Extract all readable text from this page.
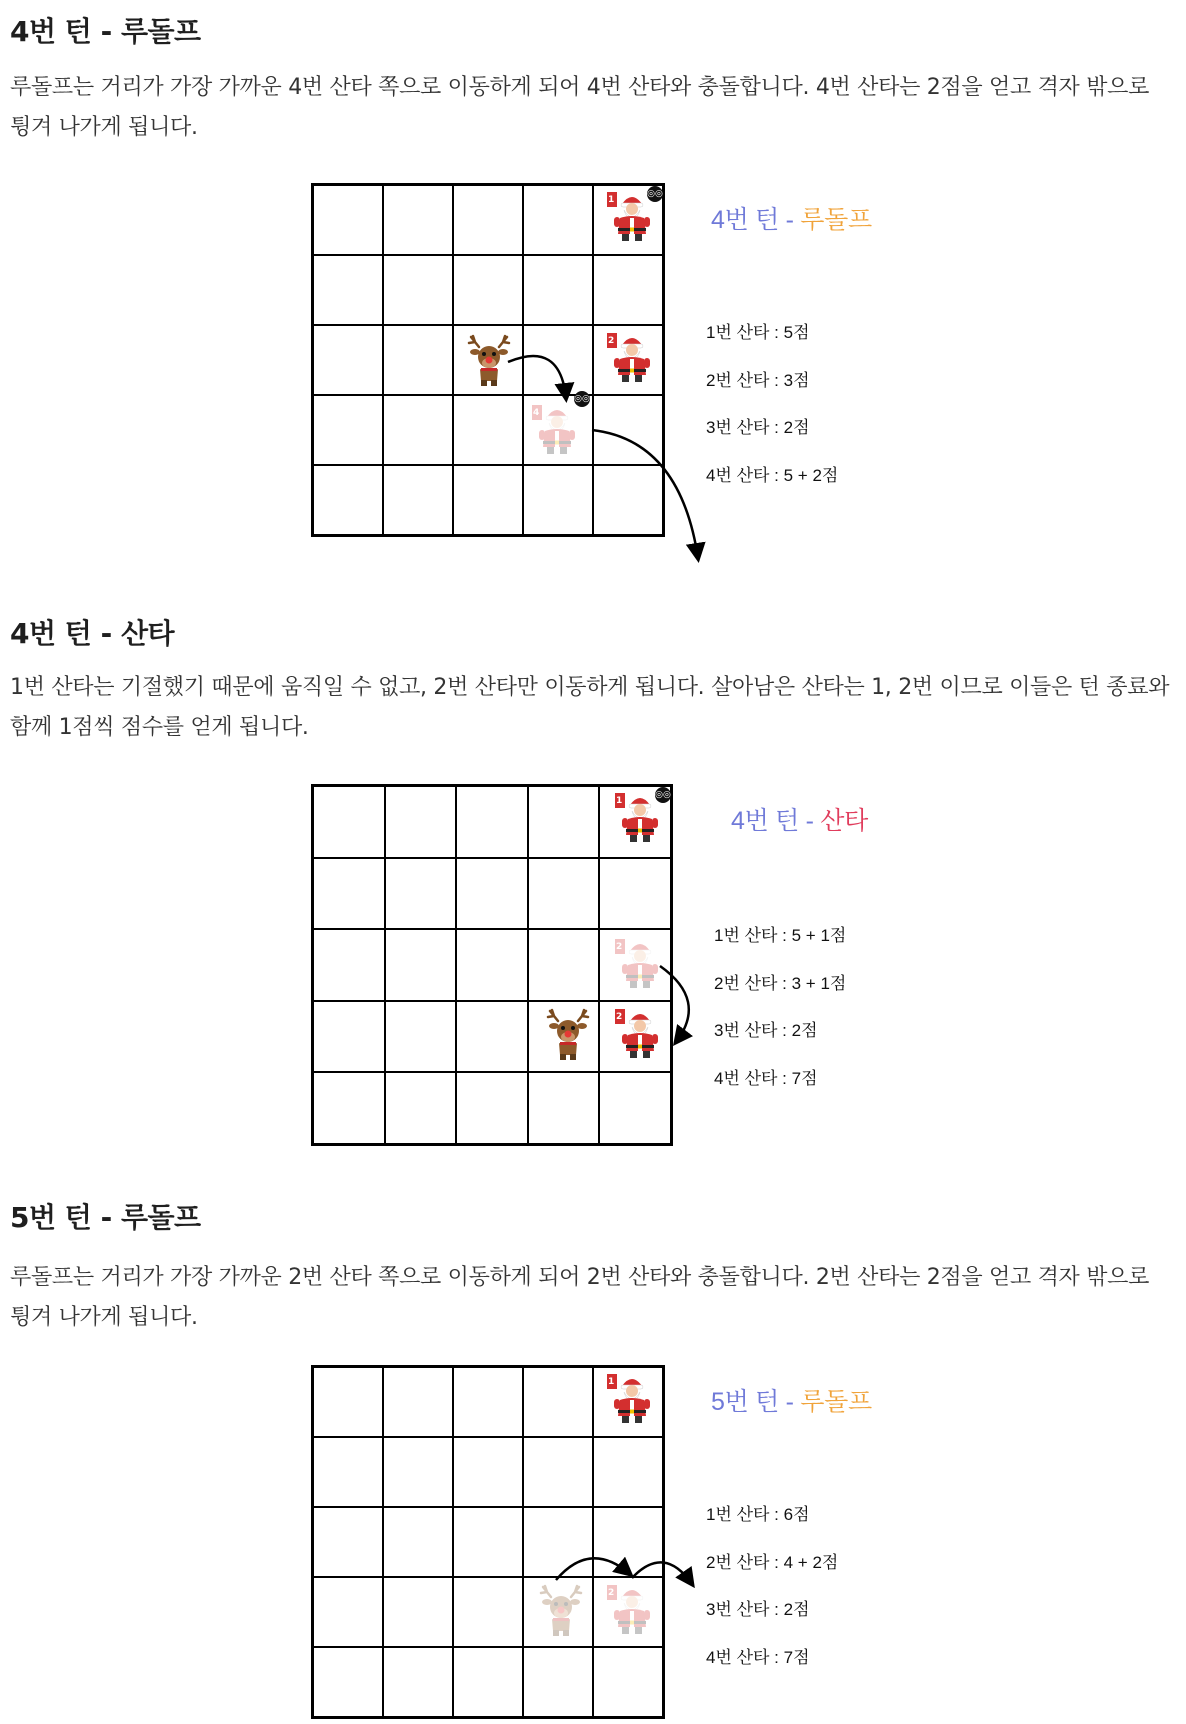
4번 턴 - 루돌프

루돌프는 거리가 가장 가까운 4번 산타 쪽으로 이동하게 되어 4번 산타와 충돌합니다. 4번 산타는 2점을 얻고 격자 밖으로 튕겨 나가게 됩니다.

1
◎◎
2
4
◎◎
4번 턴 - 루돌프
1번 산타 : 5점
2번 산타 : 3점
3번 산타 : 2점
4번 산타 : 5 + 2점
4번 턴 - 산타

1번 산타는 기절했기 때문에 움직일 수 없고, 2번 산타만 이동하게 됩니다. 살아남은 산타는 1, 2번 이므로 이들은 턴 종료와 함께 1점씩 점수를 얻게 됩니다.

1
◎◎
2
2
4번 턴 - 산타
1번 산타 : 5 + 1점
2번 산타 : 3 + 1점
3번 산타 : 2점
4번 산타 : 7점
5번 턴 - 루돌프

루돌프는 거리가 가장 가까운 2번 산타 쪽으로 이동하게 되어 2번 산타와 충돌합니다. 2번 산타는 2점을 얻고 격자 밖으로 튕겨 나가게 됩니다.

1
2
5번 턴 - 루돌프
1번 산타 : 6점
2번 산타 : 4 + 2점
3번 산타 : 2점
4번 산타 : 7점
